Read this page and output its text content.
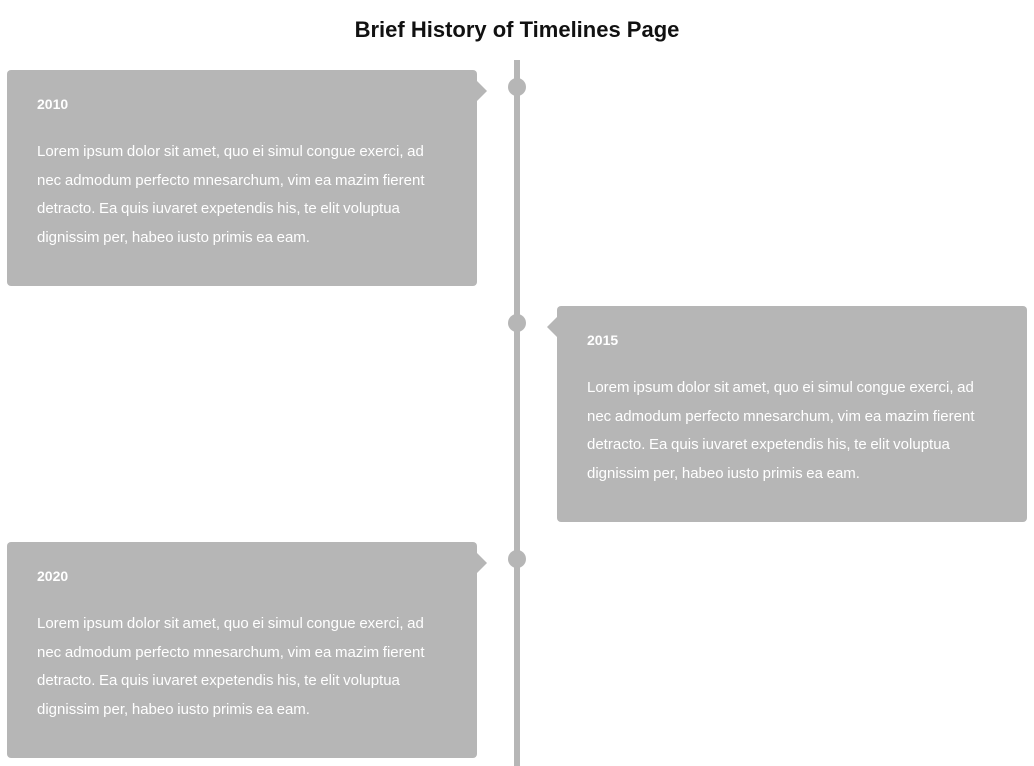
Brief History of Timelines Page
2010

Lorem ipsum dolor sit amet, quo ei simul congue exerci, ad nec admodum perfecto mnesarchum, vim ea mazim fierent detracto. Ea quis iuvaret expetendis his, te elit voluptua dignissim per, habeo iusto primis ea eam.

2015

Lorem ipsum dolor sit amet, quo ei simul congue exerci, ad nec admodum perfecto mnesarchum, vim ea mazim fierent detracto. Ea quis iuvaret expetendis his, te elit voluptua dignissim per, habeo iusto primis ea eam.

2020

Lorem ipsum dolor sit amet, quo ei simul congue exerci, ad nec admodum perfecto mnesarchum, vim ea mazim fierent detracto. Ea quis iuvaret expetendis his, te elit voluptua dignissim per, habeo iusto primis ea eam.
